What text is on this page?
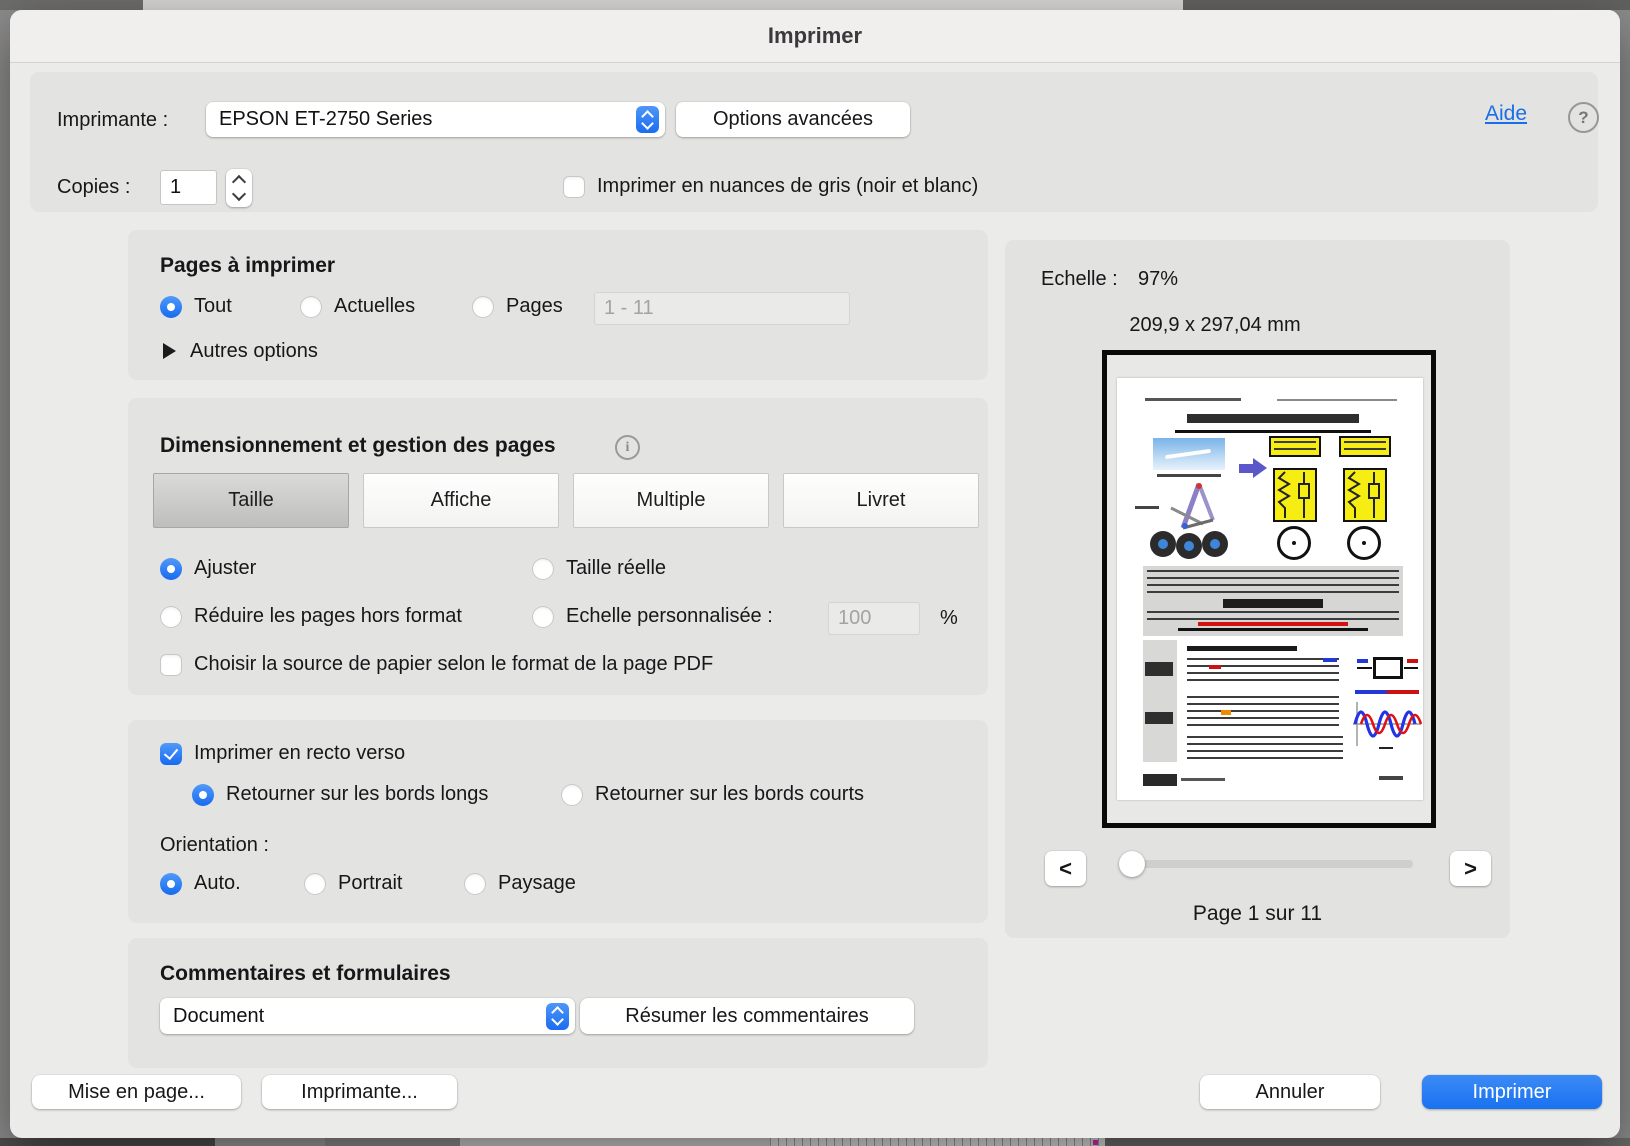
Imprimer
Imprimante :	EPSON ET-2750 Series	Options avancées	Aide	?
Copies :
1	Imprimer en nuances de gris (noir et blanc)
Pages à imprimer
Tout	Actuelles	Pages
1 - 11
Autres options
Dimensionnement et gestion des pages	i
Taille	Affiche	Multiple	Livret
Ajuster	Taille réelle
Réduire les pages hors format	Echelle personnalisée :
100	%
Choisir la source de papier selon le format de la page PDF
Imprimer en recto verso
Retourner sur les bords longs	Retourner sur les bords courts
Orientation :
Auto.	Portrait	Paysage
Commentaires et formulaires
Document	Résumer les commentaires
Echelle : 97%
209,9 x 297,04 mm
<	>
Page 1 sur 11
Mise en page...	Imprimante...	Annuler	Imprimer
